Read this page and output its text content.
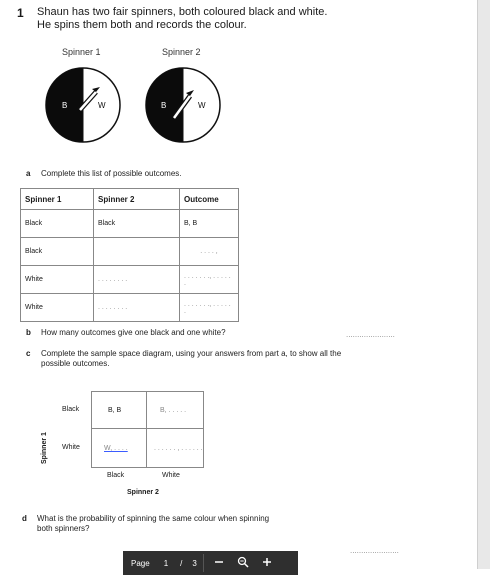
1 Shaun has two fair spinners, both coloured black and white.
He spins them both and records the colour.
Spinner 1	Spinner 2
B	W	B	W
a Complete this list of possible outcomes.
Spinner 1	Spinner 2	Outcome
Black	Black	B, B
Black		. . . . ,
White	. . . . . . . .	. . . . . . ., . . . . . .
White	. . . . . . . .	. . . . . . ., . . . . . .
b How many outcomes give one black and one white?	......................
c Complete the sample space diagram, using your answers from part a, to show all the
possible outcomes.
Spinner 1
Black
White
B, B	B, . . . . .
W, . . . .	. . . . . . , . . . . . .
Black	White
Spinner 2
d What is the probability of spinning the same colour when spinning
both spinners?
......................
Page 1 / 3
